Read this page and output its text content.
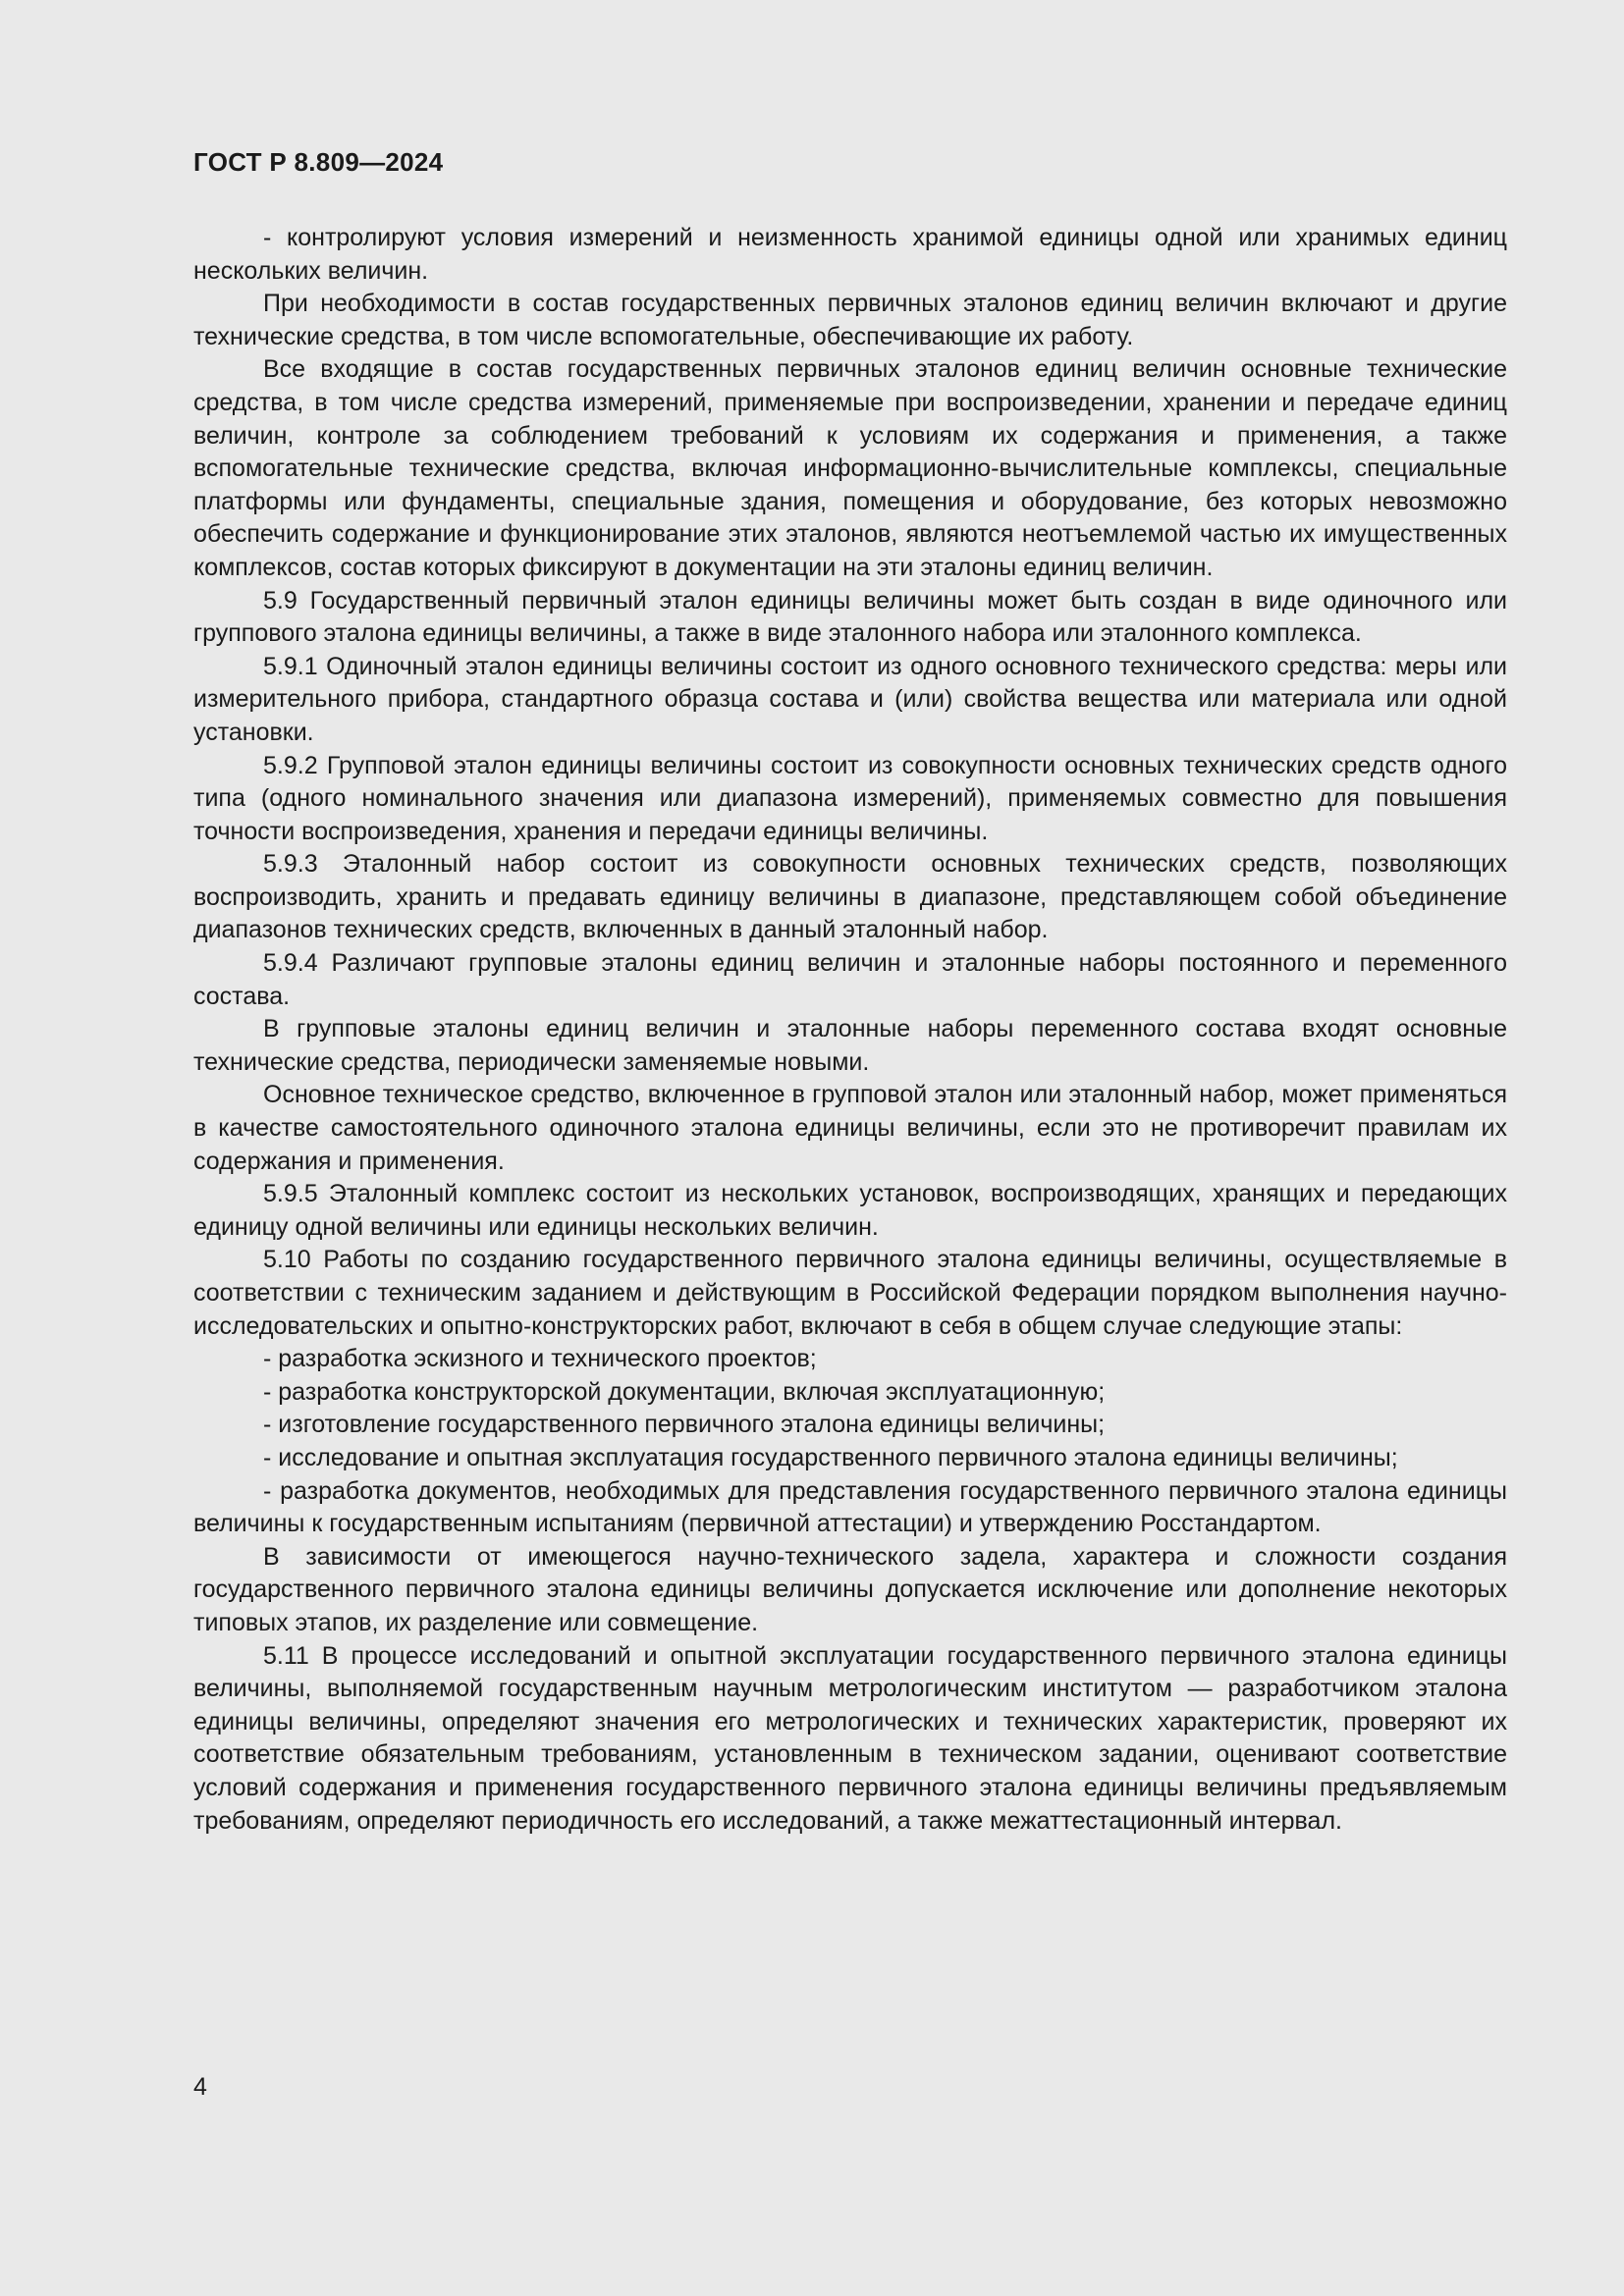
ГОСТ Р 8.809—2024

- контролируют условия измерений и неизменность хранимой единицы одной или хранимых единиц нескольких величин.

При необходимости в состав государственных первичных эталонов единиц величин включают и другие технические средства, в том числе вспомогательные, обеспечивающие их работу.

Все входящие в состав государственных первичных эталонов единиц величин основные технические средства, в том числе средства измерений, применяемые при воспроизведении, хранении и передаче единиц величин, контроле за соблюдением требований к условиям их содержания и применения, а также вспомогательные технические средства, включая информационно-вычислительные комплексы, специальные платформы или фундаменты, специальные здания, помещения и оборудование, без которых невозможно обеспечить содержание и функционирование этих эталонов, являются неотъемлемой частью их имущественных комплексов, состав которых фиксируют в документации на эти эталоны единиц величин.

5.9 Государственный первичный эталон единицы величины может быть создан в виде одиночного или группового эталона единицы величины, а также в виде эталонного набора или эталонного комплекса.

5.9.1 Одиночный эталон единицы величины состоит из одного основного технического средства: меры или измерительного прибора, стандартного образца состава и (или) свойства вещества или материала или одной установки.

5.9.2 Групповой эталон единицы величины состоит из совокупности основных технических средств одного типа (одного номинального значения или диапазона измерений), применяемых совместно для повышения точности воспроизведения, хранения и передачи единицы величины.

5.9.3 Эталонный набор состоит из совокупности основных технических средств, позволяющих воспроизводить, хранить и предавать единицу величины в диапазоне, представляющем собой объединение диапазонов технических средств, включенных в данный эталонный набор.

5.9.4 Различают групповые эталоны единиц величин и эталонные наборы постоянного и переменного состава.

В групповые эталоны единиц величин и эталонные наборы переменного состава входят основные технические средства, периодически заменяемые новыми.

Основное техническое средство, включенное в групповой эталон или эталонный набор, может применяться в качестве самостоятельного одиночного эталона единицы величины, если это не противоречит правилам их содержания и применения.

5.9.5 Эталонный комплекс состоит из нескольких установок, воспроизводящих, хранящих и передающих единицу одной величины или единицы нескольких величин.

5.10 Работы по созданию государственного первичного эталона единицы величины, осуществляемые в соответствии с техническим заданием и действующим в Российской Федерации порядком выполнения научно-исследовательских и опытно-конструкторских работ, включают в себя в общем случае следующие этапы:

- разработка эскизного и технического проектов;

- разработка конструкторской документации, включая эксплуатационную;

- изготовление государственного первичного эталона единицы величины;

- исследование и опытная эксплуатация государственного первичного эталона единицы величины;

- разработка документов, необходимых для представления государственного первичного эталона единицы величины к государственным испытаниям (первичной аттестации) и утверждению Росстандартом.

В зависимости от имеющегося научно-технического задела, характера и сложности создания государственного первичного эталона единицы величины допускается исключение или дополнение некоторых типовых этапов, их разделение или совмещение.

5.11 В процессе исследований и опытной эксплуатации государственного первичного эталона единицы величины, выполняемой государственным научным метрологическим институтом — разработчиком эталона единицы величины, определяют значения его метрологических и технических характеристик, проверяют их соответствие обязательным требованиям, установленным в техническом задании, оценивают соответствие условий содержания и применения государственного первичного эталона единицы величины предъявляемым требованиям, определяют периодичность его исследований, а также межаттестационный интервал.

4
